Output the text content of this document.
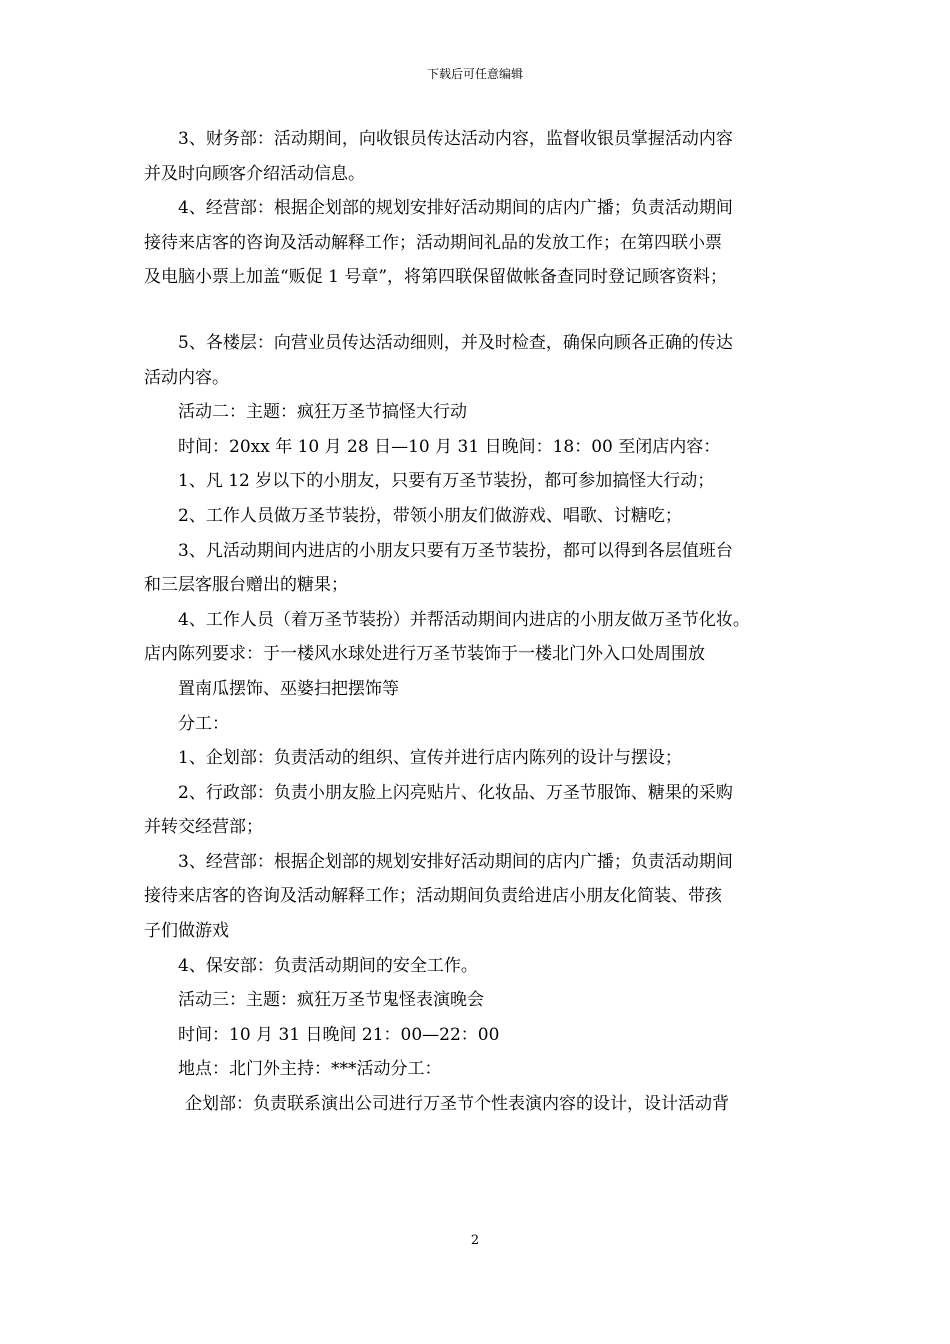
下载后可任意编辑

3、财务部：活动期间，向收银员传达活动内容，监督收银员掌握活动内容

并及时向顾客介绍活动信息。

4、经营部：根据企划部的规划安排好活动期间的店内广播；负责活动期间

接待来店客的咨询及活动解释工作；活动期间礼品的发放工作；在第四联小票

及电脑小票上加盖“贩促 1 号章”，将第四联保留做帐备查同时登记顾客资料；

5、各楼层：向营业员传达活动细则，并及时检查，确保向顾各正确的传达

活动内容。

活动二：主题：疯狂万圣节搞怪大行动

时间：20xx 年 10 月 28 日—10 月 31 日晚间：18：00 至闭店内容：

1、凡 12 岁以下的小朋友，只要有万圣节装扮，都可参加搞怪大行动；

2、工作人员做万圣节装扮，带领小朋友们做游戏、唱歌、讨糖吃；

3、凡活动期间内进店的小朋友只要有万圣节装扮，都可以得到各层值班台

和三层客服台赠出的糖果；

4、工作人员（着万圣节装扮）并帮活动期间内进店的小朋友做万圣节化妆。

店内陈列要求：于一楼风水球处进行万圣节装饰于一楼北门外入口处周围放

置南瓜摆饰、巫婆扫把摆饰等

分工：

1、企划部：负责活动的组织、宣传并进行店内陈列的设计与摆设；

2、行政部：负责小朋友脸上闪亮贴片、化妆品、万圣节服饰、糖果的采购

并转交经营部；

3、经营部：根据企划部的规划安排好活动期间的店内广播；负责活动期间

接待来店客的咨询及活动解释工作；活动期间负责给进店小朋友化简装、带孩

子们做游戏

4、保安部：负责活动期间的安全工作。

活动三：主题：疯狂万圣节鬼怪表演晚会

时间：10 月 31 日晚间 21：00—22：00

地点：北门外主持：***活动分工：

企划部：负责联系演出公司进行万圣节个性表演内容的设计，设计活动背

2
